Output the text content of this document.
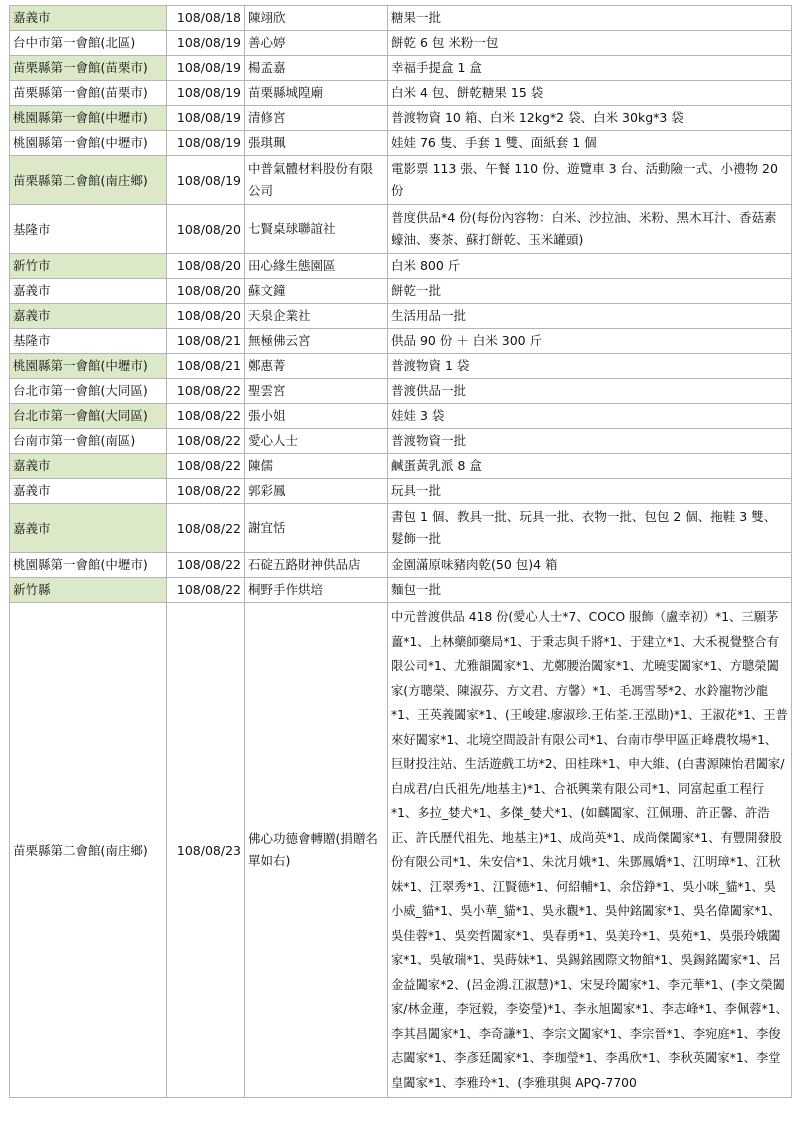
嘉義市	108/08/18	陳翊欣	糖果一批
台中市第一會館(北區)	108/08/19	善心婷	餅乾 6 包 米粉一包
苗栗縣第一會館(苗栗市)	108/08/19	楊孟嘉	幸福手提盒 1 盒
苗栗縣第一會館(苗栗市)	108/08/19	苗栗縣城隍廟	白米 4 包、餅乾糖果 15 袋
桃園縣第一會館(中壢市)	108/08/19	清修宮	普渡物資 10 箱、白米 12kg*2 袋、白米 30kg*3 袋
桃園縣第一會館(中壢市)	108/08/19	張琪珮	娃娃 76 隻、手套 1 雙、面紙套 1 個
苗栗縣第二會館(南庄鄉)	108/08/19	中普氣體材料股份有限公司	電影票 113 張、午餐 110 份、遊覽車 3 台、活動險一式、小禮物 20 份
基隆市	108/08/20	七賢桌球聯誼社	普度供品*4 份(每份內容物：白米、沙拉油、米粉、黑木耳汁、香菇素蠔油、麥茶、蘇打餅乾、玉米罐頭)
新竹市	108/08/20	田心緣生態園區	白米 800 斤
嘉義市	108/08/20	蘇文鐘	餅乾一批
嘉義市	108/08/20	天泉企業社	生活用品一批
基隆市	108/08/21	無極佛云宮	供品 90 份 ＋ 白米 300 斤
桃園縣第一會館(中壢市)	108/08/21	鄭惠菁	普渡物資 1 袋
台北市第一會館(大同區)	108/08/22	聖雲宮	普渡供品一批
台北市第一會館(大同區)	108/08/22	張小姐	娃娃 3 袋
台南市第一會館(南區)	108/08/22	愛心人士	普渡物資一批
嘉義市	108/08/22	陳儒	鹹蛋黃乳派 8 盒
嘉義市	108/08/22	郭彩鳳	玩具一批
嘉義市	108/08/22	謝宜恬	書包 1 個、教具一批、玩具一批、衣物一批、包包 2 個、拖鞋 3 雙、髮飾一批
桃園縣第一會館(中壢市)	108/08/22	石碇五路財神供品店	金園滿原味豬肉乾(50 包)4 箱
新竹縣	108/08/22	桐野手作烘培	麵包一批
苗栗縣第二會館(南庄鄉)	108/08/23	佛心功德會轉贈(捐贈名單如右)	中元普渡供品 418 份(愛心人士*7、COCO 服飾（盧幸初）*1、三願茅薑*1、上林藥師藥局*1、于秉志與千將*1、于建立*1、大禾視覺整合有限公司*1、尤雅韻闔家*1、尤鄭腰治闔家*1、尤曉雯闔家*1、方聰榮闔家(方聰榮、陳淑芬、方文君、方馨）*1、毛馮雪琴*2、水鈴寵物沙龍*1、王英義闔家*1、(王峻建.廖淑珍.王佑荃.王泓勛)*1、王淑花*1、王普來好闔家*1、北境空間設計有限公司*1、台南市學甲區正峰農牧場*1、巨財投注站、生活遊戲工坊*2、田桂珠*1、申大維、(白書源陳怡君闔家/白成君/白氏祖先/地基主)*1、合祇興業有限公司*1、同富起重工程行*1、多拉_婪犬*1、多傑_婪犬*1、(如麟闔家、江佩珊、許正馨、許浩正、許氏歷代祖先、地基主)*1、成尚英*1、成尚傑闔家*1、有豐開發股份有限公司*1、朱安信*1、朱沈月娥*1、朱鄧鳳嬌*1、江明璋*1、江秋妹*1、江翠秀*1、江賢德*1、何紹輔*1、余岱錚*1、吳小咪_貓*1、吳小威_貓*1、吳小華_貓*1、吳永觀*1、吳仲銘闔家*1、吳名偉闔家*1、吳佳蓉*1、吳奕哲闔家*1、吳春勇*1、吳美玲*1、吳苑*1、吳張玲娥闔家*1、吳敏瑞*1、吳蒔妹*1、吳錫銘國際文物館*1、吳錫銘闔家*1、呂金益闔家*2、(呂金鴻.江淑慧)*1、宋旻玲闔家*1、李元華*1、(李文榮闔家/林金蓮，李冠毅，李姿瑩)*1、李永旭闔家*1、李志峰*1、李佩蓉*1、李其昌闔家*1、李奇謙*1、李宗文闔家*1、李宗晉*1、李宛庭*1、李俊志闔家*1、李彥廷闔家*1、李珈瑩*1、李禹欣*1、李秋英闔家*1、李堂皇闔家*1、李雅玲*1、(李雅琪與 APQ-7700
